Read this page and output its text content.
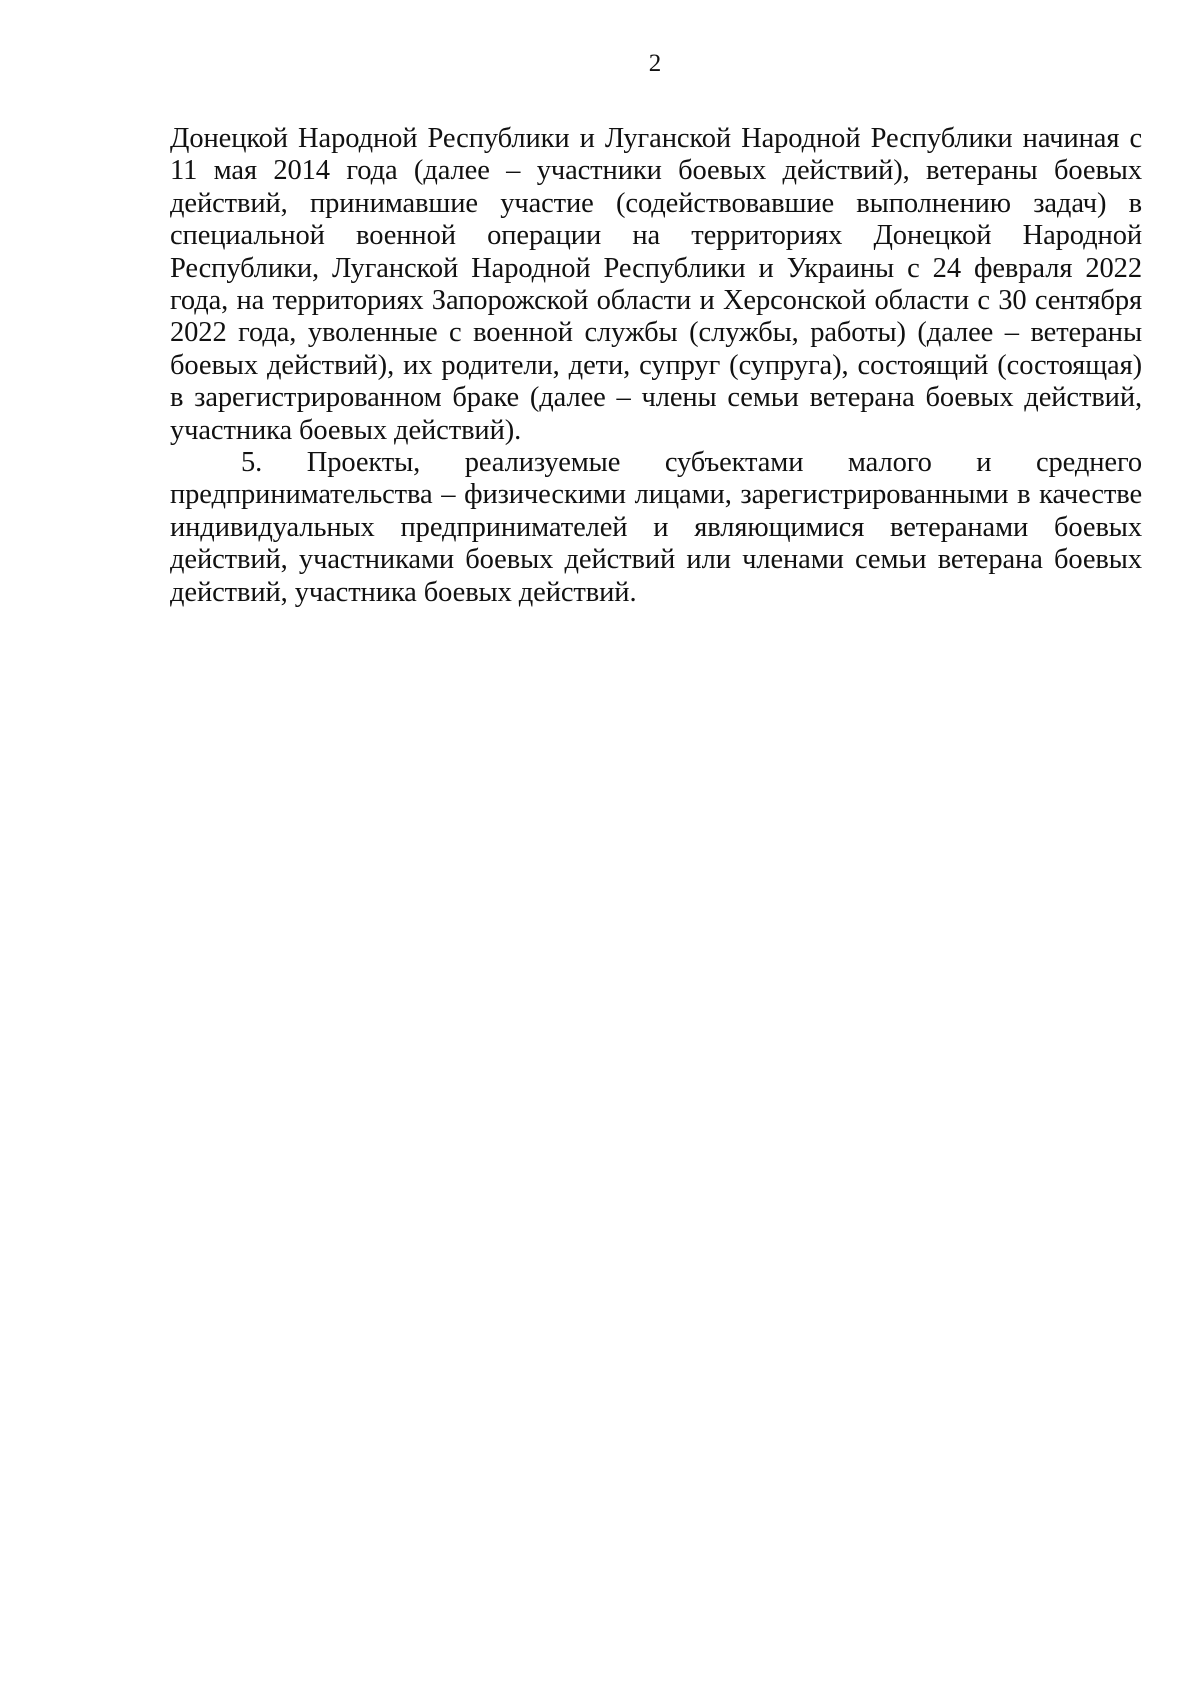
2

Донецкой Народной Республики и Луганской Народной Республики начиная с 11 мая 2014 года (далее – участники боевых действий), ветераны боевых действий, принимавшие участие (содействовавшие выполнению задач) в специальной военной операции на территориях Донецкой Народной Республики, Луганской Народной Республики и Украины с 24 февраля 2022 года, на территориях Запорожской области и Херсонской области с 30 сентября 2022 года, уволенные с военной службы (службы, работы) (далее – ветераны боевых действий), их родители, дети, супруг (супруга), состоящий (состоящая) в зарегистрированном браке (далее – члены семьи ветерана боевых действий, участника боевых действий).

5. Проекты, реализуемые субъектами малого и среднего предпринимательства – физическими лицами, зарегистрированными в качестве индивидуальных предпринимателей и являющимися ветеранами боевых действий, участниками боевых действий или членами семьи ветерана боевых действий, участника боевых действий.
